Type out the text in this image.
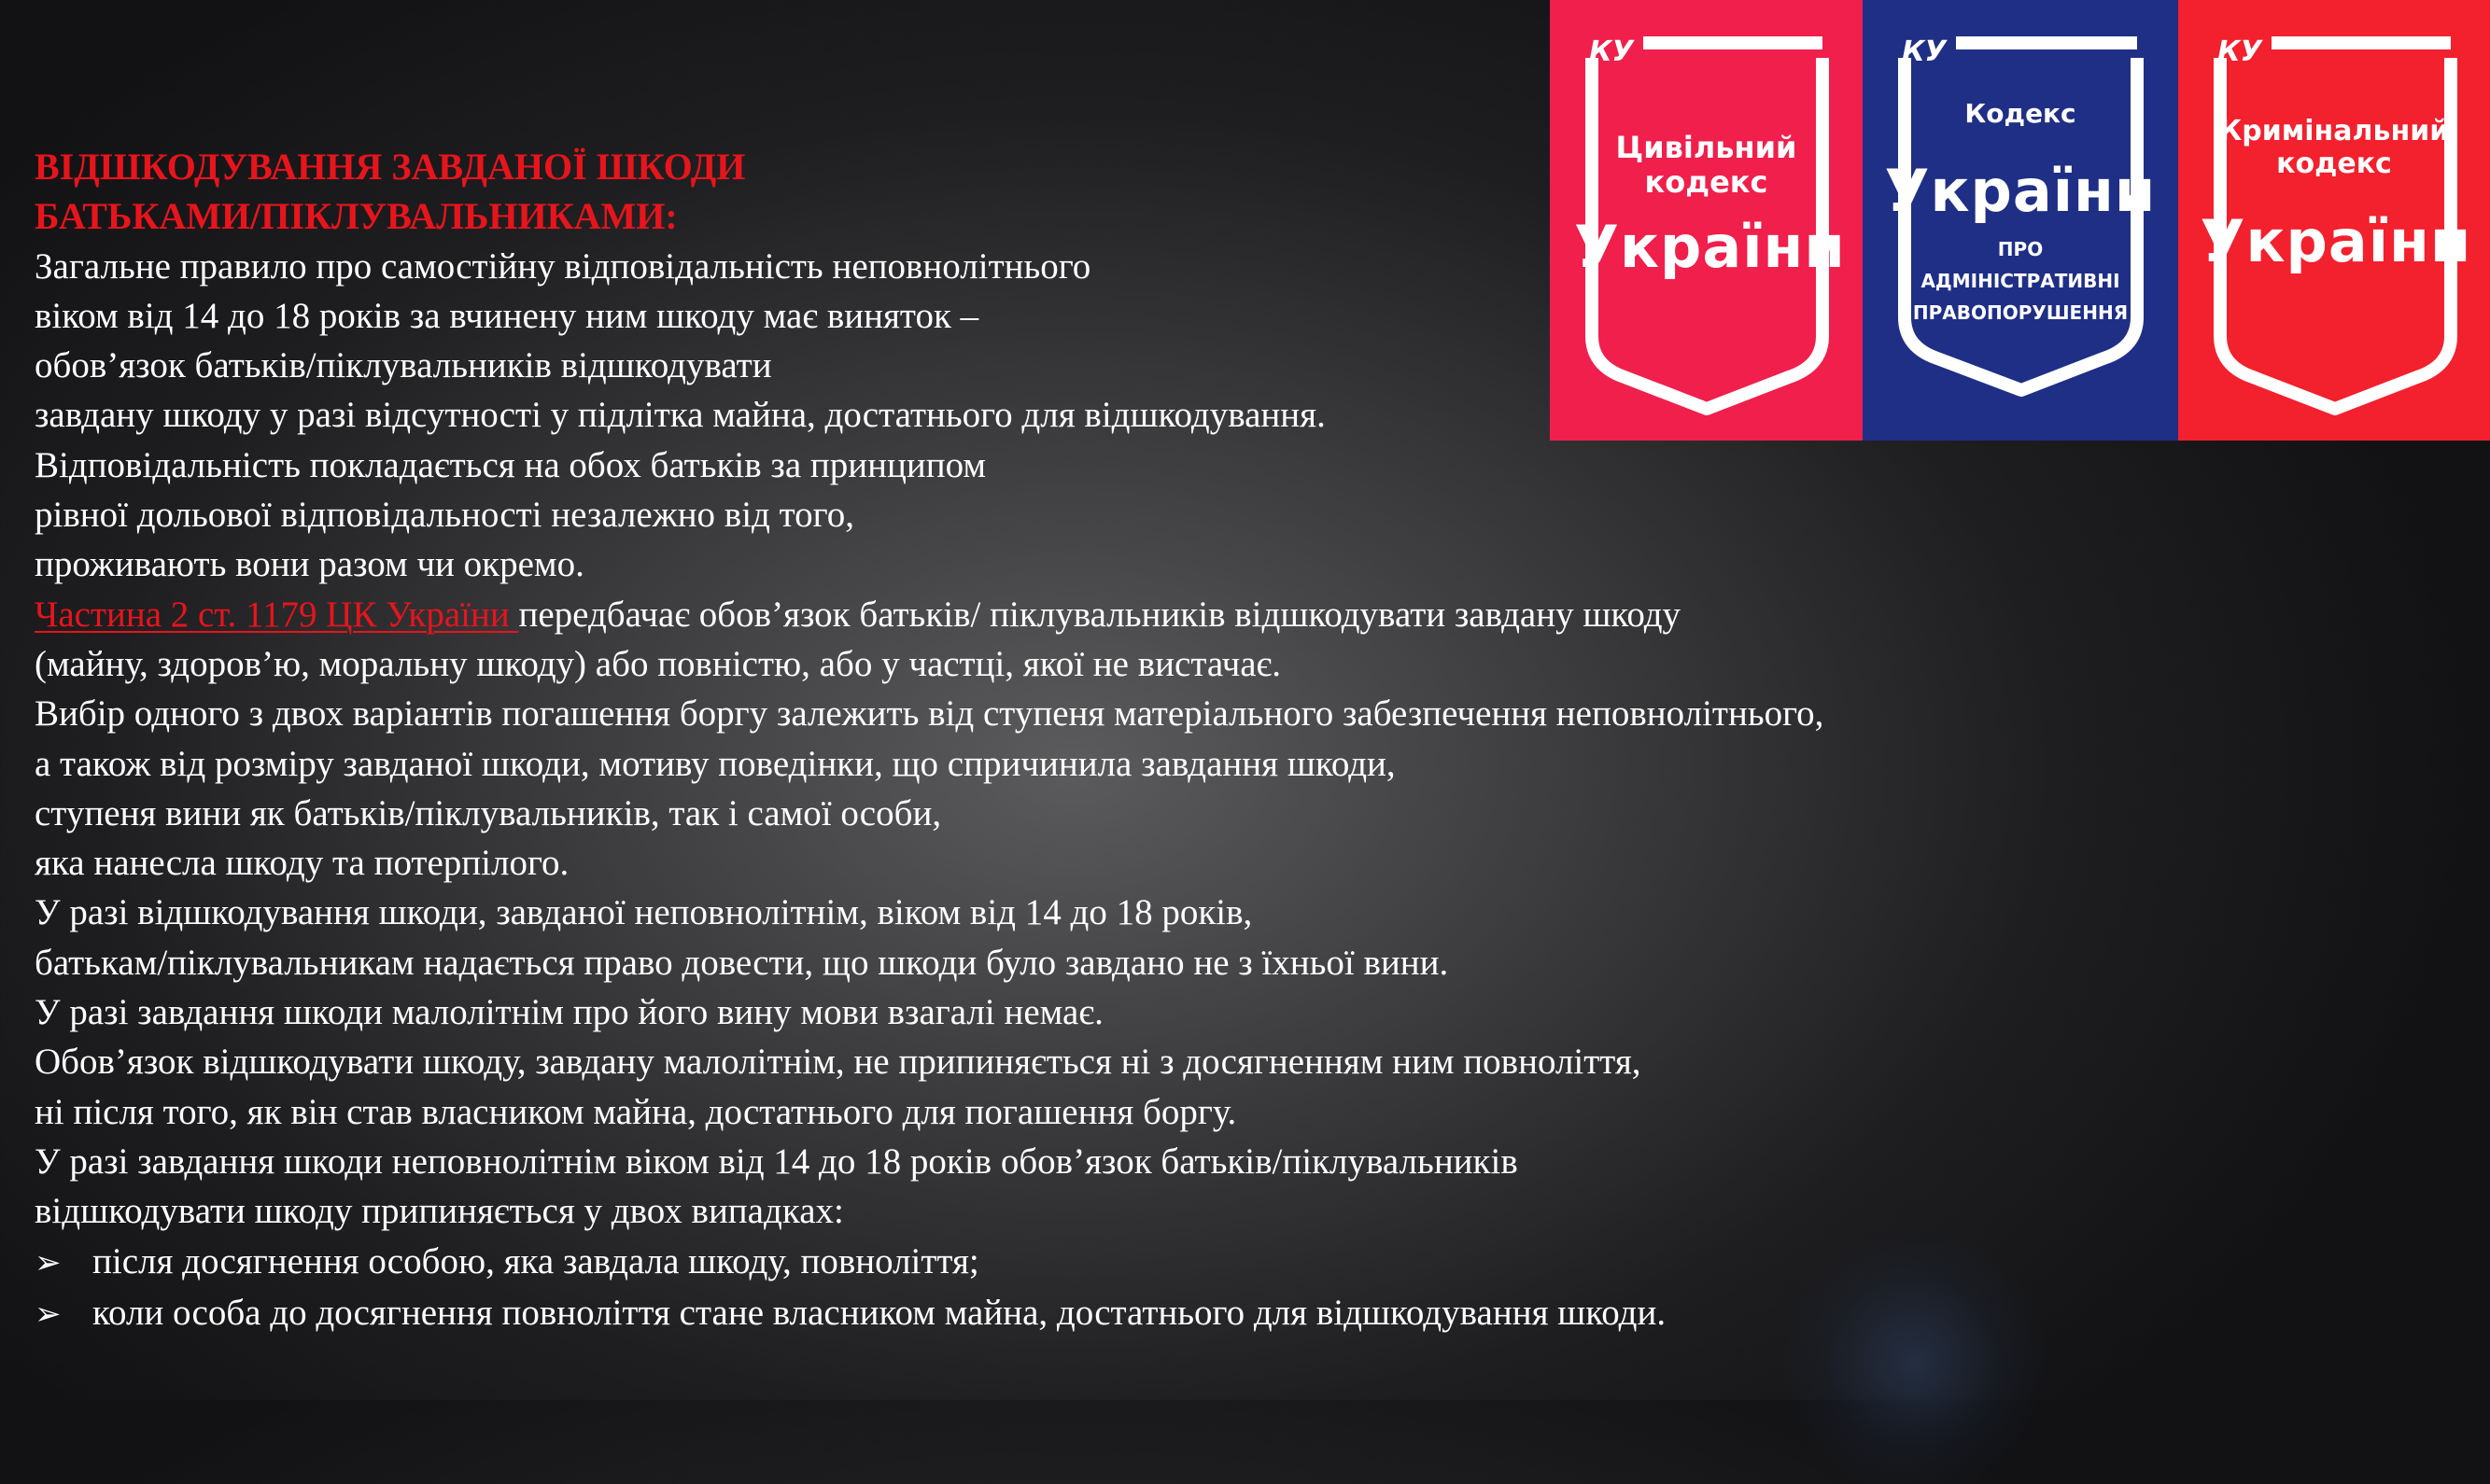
ВІДШКОДУВАННЯ ЗАВДАНОЇ ШКОДИ
БАТЬКАМИ/ПІКЛУВАЛЬНИКАМИ:
Загальне правило про самостійну відповідальність неповнолітнього
віком від 14 до 18 років за вчинену ним шкоду має виняток –
обов’язок батьків/піклувальників відшкодувати
завдану шкоду у разі відсутності у підлітка майна, достатнього для відшкодування.
Відповідальність покладається на обох батьків за принципом
рівної дольової відповідальності незалежно від того,
проживають вони разом чи окремо.
Частина 2 ст. 1179 ЦК України передбачає обов’язок батьків/ піклувальників відшкодувати завдану шкоду
(майну, здоров’ю, моральну шкоду) або повністю, або у частці, якої не вистачає.
Вибір одного з двох варіантів погашення боргу залежить від ступеня матеріального забезпечення неповнолітнього,
а також від розміру завданої шкоди, мотиву поведінки, що спричинила завдання шкоди,
ступеня вини як батьків/піклувальників, так і самої особи,
яка нанесла шкоду та потерпілого.
У разі відшкодування шкоди, завданої неповнолітнім, віком від 14 до 18 років,
батькам/піклувальникам надається право довести, що шкоди було завдано не з їхньої вини.
У разі завдання шкоди малолітнім про його вину мови взагалі немає.
Обов’язок відшкодувати шкоду, завдану малолітнім, не припиняється ні з досягненням ним повноліття,
ні після того, як він став власником майна, достатнього для погашення боргу.
У разі завдання шкоди неповнолітнім віком від 14 до 18 років обов’язок батьків/піклувальників
відшкодувати шкоду припиняється у двох випадках:
➢ після досягнення особою, яка завдала шкоду, повноліття;
➢ коли особа до досягнення повноліття стане власником майна, достатнього для відшкодування шкоди.
КУ
Цивільний
кодекс
України
КУ
Кодекс
України
ПРО
АДМІНІСТРАТИВНІ
ПРАВОПОРУШЕННЯ
КУ
Кримінальний
кодекс
України
